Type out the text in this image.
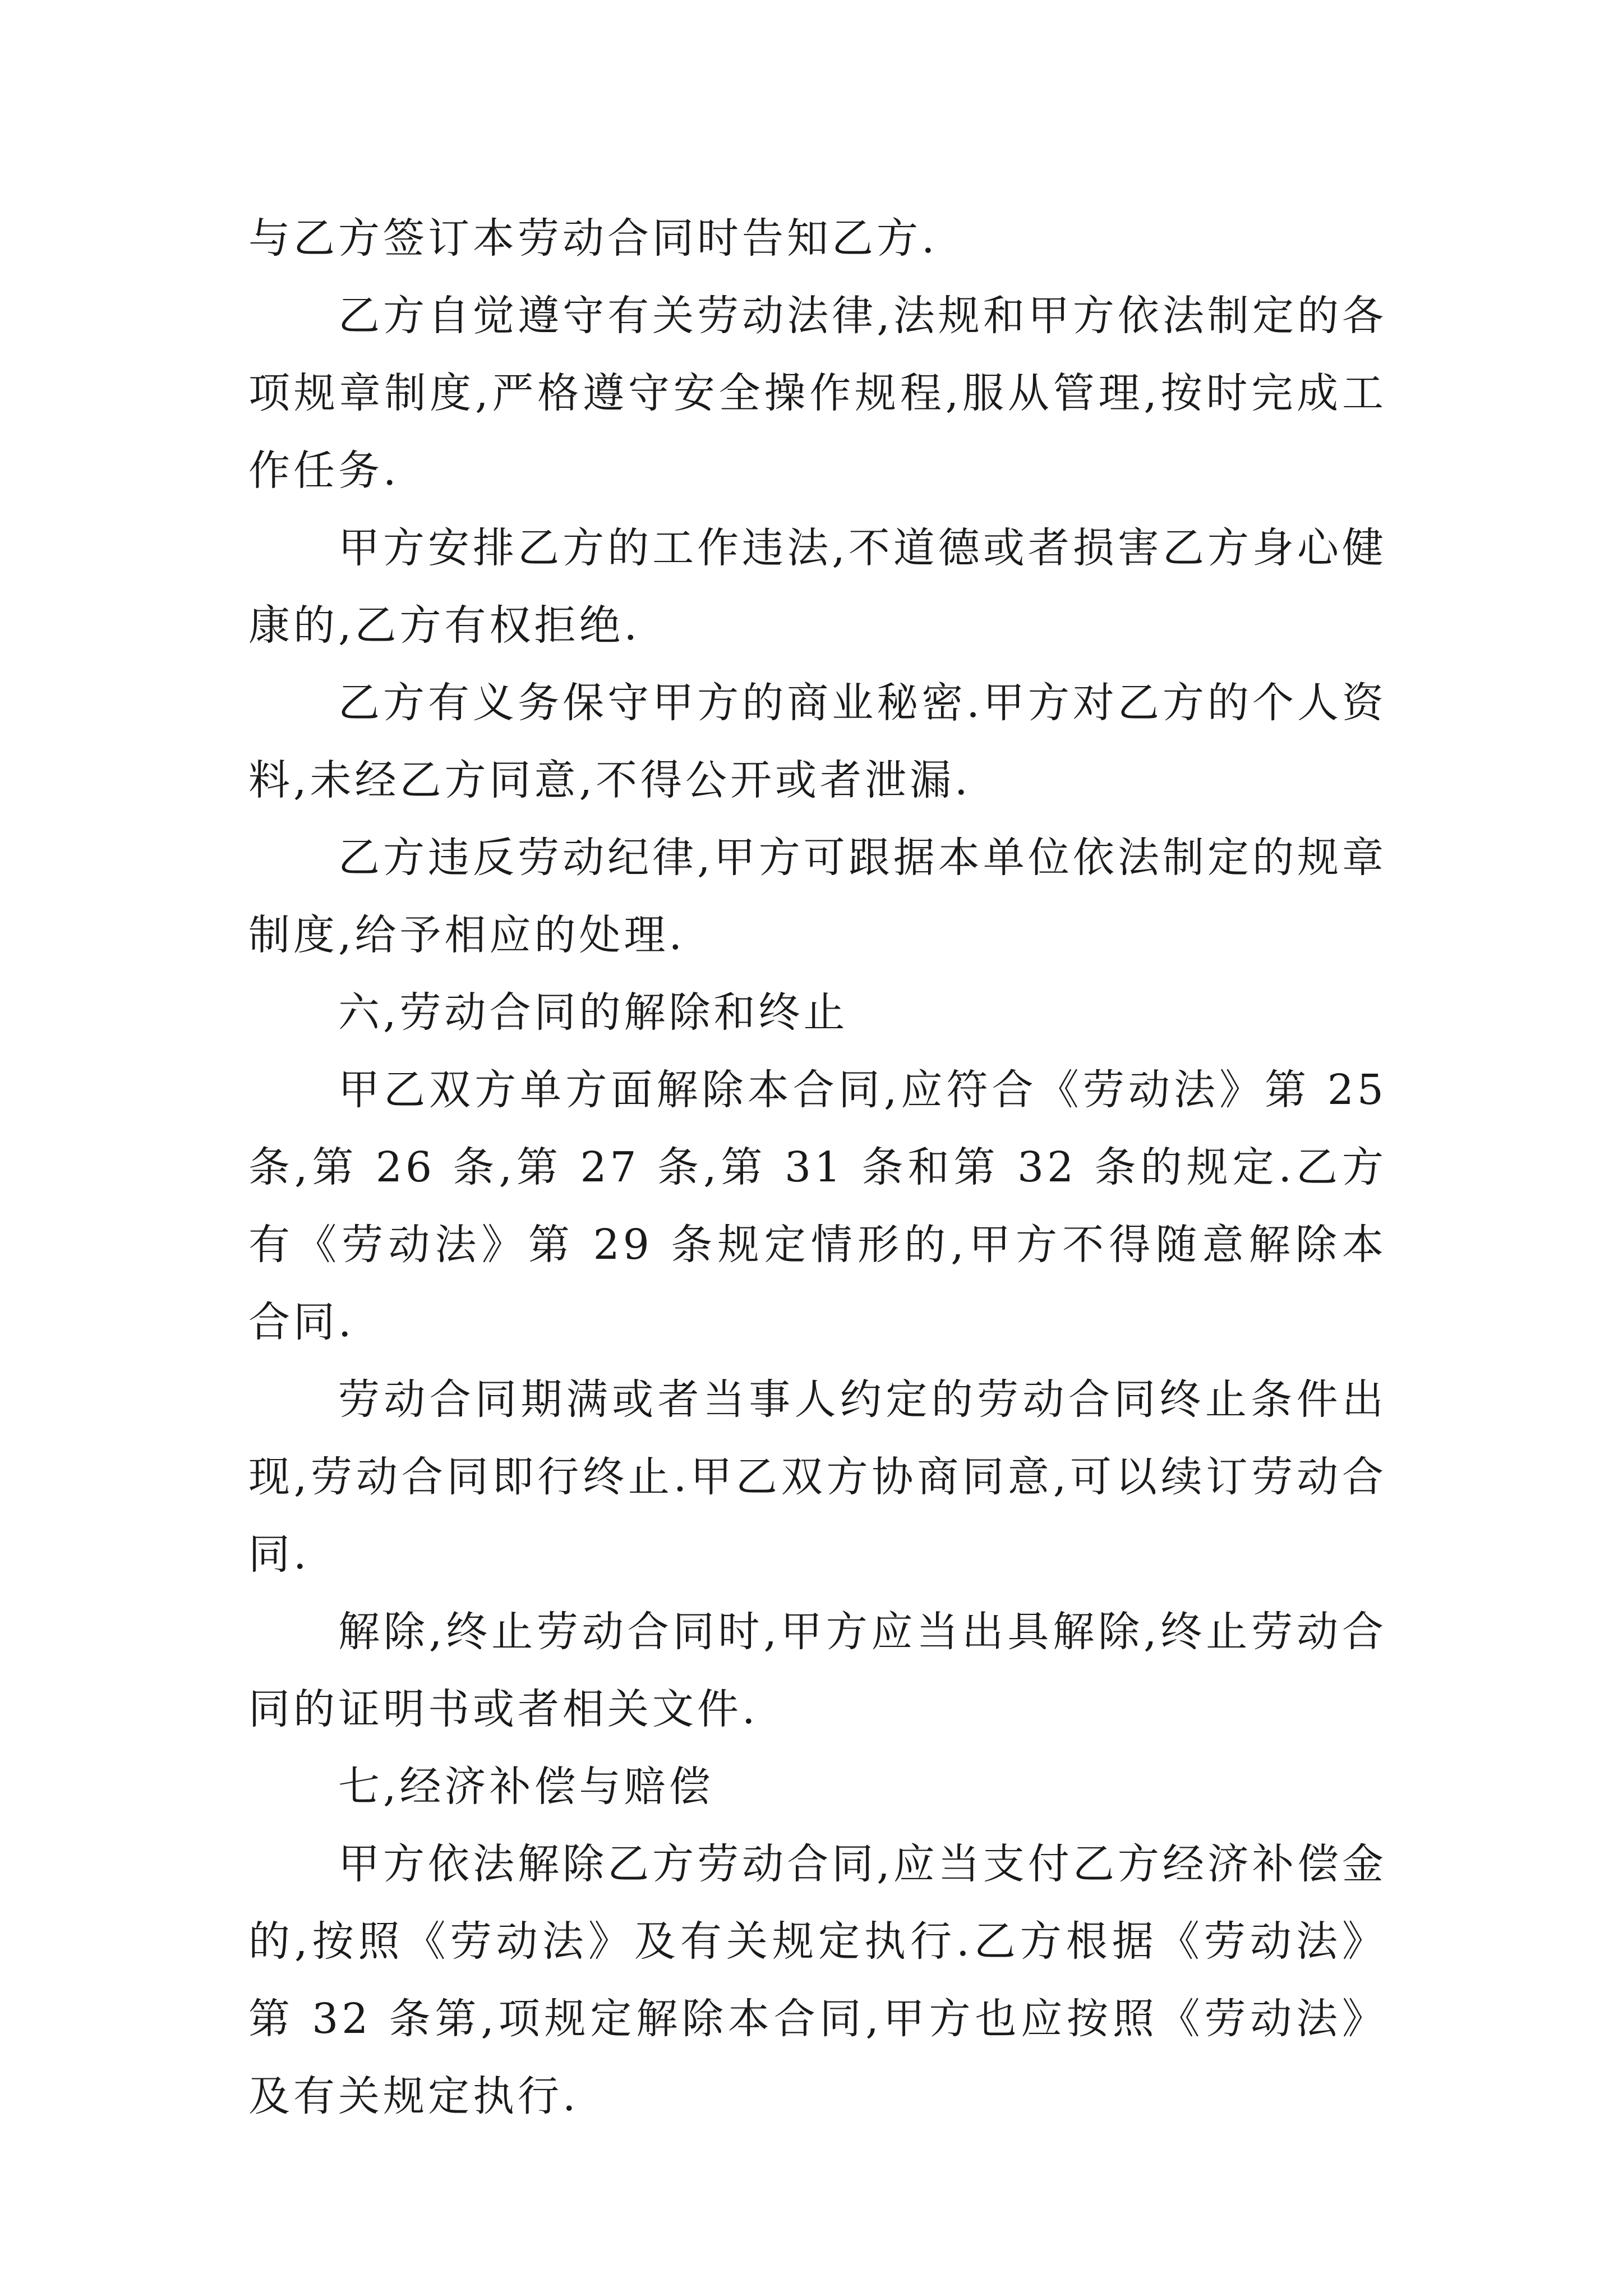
与乙方签订本劳动合同时告知乙方.

乙方自觉遵守有关劳动法律,法规和甲方依法制定的各项规章制度,严格遵守安全操作规程,服从管理,按时完成工作任务.

甲方安排乙方的工作违法,不道德或者损害乙方身心健康的,乙方有权拒绝.

乙方有义务保守甲方的商业秘密.甲方对乙方的个人资料,未经乙方同意,不得公开或者泄漏.

乙方违反劳动纪律,甲方可跟据本单位依法制定的规章制度,给予相应的处理.

六,劳动合同的解除和终止

甲乙双方单方面解除本合同,应符合《劳动法》第 25 条,第 26 条,第 27 条,第 31 条和第 32 条的规定.乙方有《劳动法》第 29 条规定情形的,甲方不得随意解除本合同.

劳动合同期满或者当事人约定的劳动合同终止条件出现,劳动合同即行终止.甲乙双方协商同意,可以续订劳动合同.

解除,终止劳动合同时,甲方应当出具解除,终止劳动合同的证明书或者相关文件.

七,经济补偿与赔偿

甲方依法解除乙方劳动合同,应当支付乙方经济补偿金的,按照《劳动法》及有关规定执行.乙方根据《劳动法》第 32 条第,项规定解除本合同,甲方也应按照《劳动法》及有关规定执行.
